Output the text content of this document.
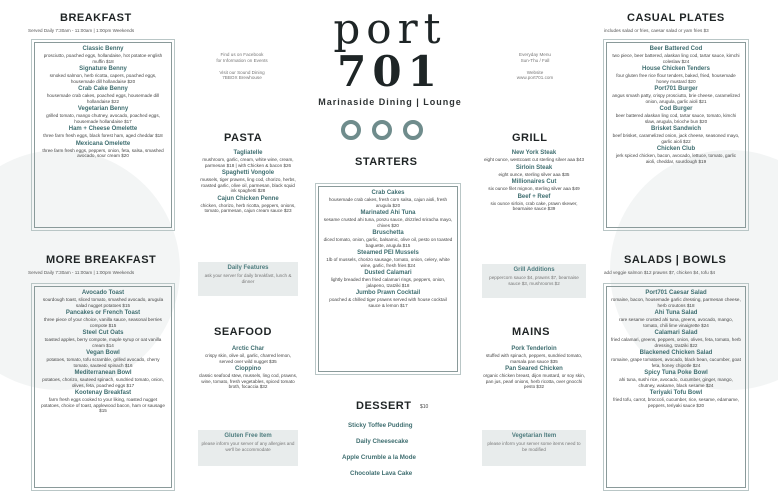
port
701
Marinaside Dining | Lounge
Find us on Facebook
for Information on Events
Visit our Sound Dining
7BBOX Brewhouse
Everyday Menu
Sun-Thu / Fall
Website
www.port701.com
BREAKFAST
Served Daily 7:30am - 11:00am | 1:00pm Weekends
Classic Benny
prosciutto, poached eggs, hollandaise, hot potatoe english muffin $18
Signature Benny
smoked salmon, herb ricotta, capers, poached eggs, housemade dill hollandaise $20
Crab Cake Benny
housemade crab cakes, poached eggs, housemade dill hollandaise $22
Vegetarian Benny
grilled tomato, mango chutney, avocado, poached eggs, housemade hollandaise $17
Ham + Cheese Omelette
three farm fresh eggs, black forest ham, aged cheddar $18
Mexicana Omelette
three farm fresh eggs, peppers, onion, feta, salsa, smashed avocado, sour cream $20
MORE BREAKFAST
Served Daily 7:30am - 11:00am | 1:00pm Weekends
Avocado Toast
sourdough toast, sliced tomato, smashed avocado, arugula salad nugget potatoes $15
Pancakes or French Toast
three piece of your choice, vanilla sauce, seasonal berries compote $15
Steel Cut Oats
toasted apples, berry compote, maple syrup or oat vanilla cream $14
Vegan Bowl
potatoes, tomato, tofu scramble, grilled avocado, cherry tomato, sauteed spinach $16
Mediterranean Bowl
potatoes, chorizo, sauteed spinach, sundried tomato, onion, olives, feta, poached eggs $17
Kootenay Breakfast
farm fresh eggs cooked to your liking, roasted nugget potatoes, choice of toast, applewood bacon, ham or sausage $15
PASTA
Tagliatelle
mushroom, garlic, cream, white wine, cream, parmesan $18 | with Chicken & bacon $26
Spaghetti Vongole
mussels, tiger prawns, ling cod, chorizo, herbs, roasted garlic, olive oil, parmesan, black squid ink spaghetti $28
Cajun Chicken Penne
chicken, chorizo, herb ricotta, peppers, onions, tomato, parmesan, cajun cream sauce $23
Daily Features
ask your server for daily breakfast, lunch & dinner
SEAFOOD
Arctic Char
crispy skin, olive oil, garlic, charred lemon, served over wild nugget $35
Cioppino
classic seafood stew, mussels, ling cod, prawns, wine, tomato, fresh vegetables, spiced tomato broth, focaccia $32
Gluten Free Item
please inform your server of any allergies and we'll be accommodate
STARTERS
Crab Cakes
housemade crab cakes, fresh corn salsa, cajun aioli, fresh arugula $20
Marinated Ahi Tuna
sesame crusted ahi tuna, ponzu sauce, drizzled sriracha mayo, chives $20
Bruschetta
diced tomato, onion, garlic, balsamic, olive oil, pesto on toasted baguette, arugula $15
Steamed PEI Mussels
1lb of mussels, chorizo sausage, tomato, onion, celery, white wine, garlic, fresh fries $24
Dusted Calamari
lightly breaded then fried calamari rings, peppers, onion, jalapeno, tzatziki $18
Jumbo Prawn Cocktail
poached & chilled tiger prawns served with house cocktail sauce & lemon $17
DESSERT $10
Sticky Toffee Pudding
Daily Cheesecake
Apple Crumble a la Mode
Chocolate Lava Cake
GRILL
New York Steak
eight ounce, westcoast cut sterling silver aaa $43
Sirloin Steak
eight ounce, sterling silver aaa $35
Millionaires Cut
six ounce filet mignon, sterling silver aaa $49
Beef + Reef
six ounce sirloin, crab cake, prawn skewer, bearnaise sauce $39
Grill Additions
peppercorn sauce $4, prawns $7, bearnaise sauce $3, mushrooms $2
MAINS
Pork Tenderloin
stuffed with spinach, peppers, sundried tomato, marsala pan sauce $35
Pan Seared Chicken
organic chicken breast, dijon mustard, or soy skin, pan jus, pearl onions, herb ricotta, over gnocchi pesto $32
Vegetarian Item
please inform your server some items need to be modified
CASUAL PLATES
includes salad or fries, caesar salad or yam fries $3
Beer Battered Cod
two piece, beer battered, alaskan ling cod, tartar sauce, kimchi coleslaw $24
House Chicken Tenders
four gluten free rice flour tenders, baked, fried, housemade honey mustard $20
Port701 Burger
angus smash patty, crispy prosciutto, brie cheese, caramelized onion, arugula, garlic aioli $21
Cod Burger
beer battered alaskan ling cod, tartar sauce, tomato, kimchi slaw, arugula, brioche bun $20
Brisket Sandwich
beef brisket, caramelized onion, jack cheese, seasoned mayo, garlic aioli $22
Chicken Club
jerk spiced chicken, bacon, avocado, lettuce, tomato, garlic aioli, cheddar, sourdough $19
SALADS | BOWLS
add veggie salmon $12 prawns $7, chicken $4, tofu $4
Port701 Caesar Salad
romaine, bacon, housemade garlic dressing, parmesan cheese, herb croutons $18
Ahi Tuna Salad
rare sesame crusted ahi tuna, greens, avocado, mango, tomato, chili lime vinaigrette $24
Calamari Salad
fried calamari, greens, peppers, onion, olives, feta, tomato, herb dressing, tzatziki $22
Blackened Chicken Salad
romaine, grape tomatoes, avocado, black bean, cucumber, goat feta, honey chipotle $24
Spicy Tuna Poke Bowl
ahi tuna, sushi rice, avocado, cucumber, ginger, mango, chutney, wakame, black sesame $24
Teriyaki Tofu Bowl
fried tofu, carrot, broccoli, cucumber, rice, sesame, edamame, peppers, teriyaki sauce $20
